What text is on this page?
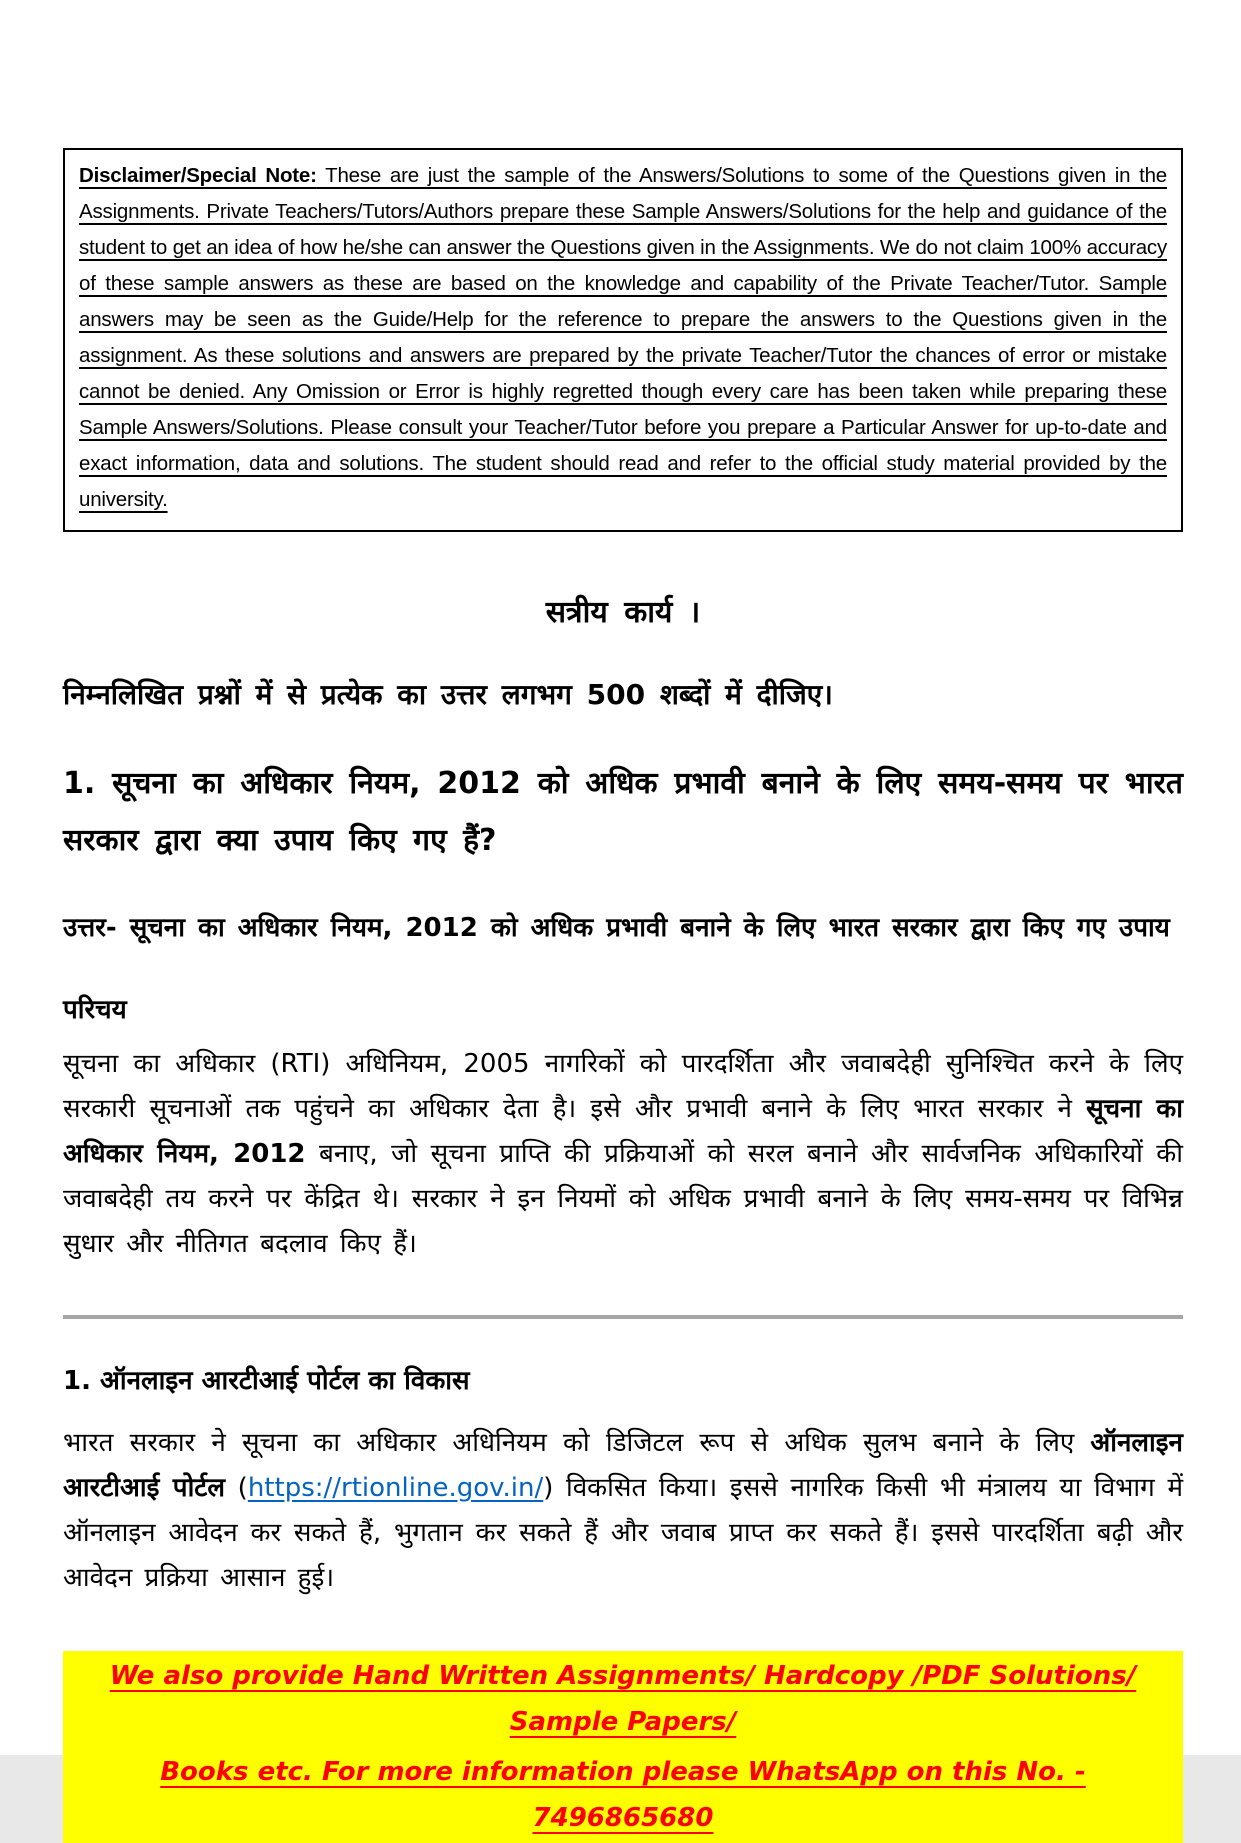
Disclaimer/Special Note: These are just the sample of the Answers/Solutions to some of the Questions given in the Assignments. Private Teachers/Tutors/Authors prepare these Sample Answers/Solutions for the help and guidance of the student to get an idea of how he/she can answer the Questions given in the Assignments. We do not claim 100% accuracy of these sample answers as these are based on the knowledge and capability of the Private Teacher/Tutor. Sample answers may be seen as the Guide/Help for the reference to prepare the answers to the Questions given in the assignment. As these solutions and answers are prepared by the private Teacher/Tutor the chances of error or mistake cannot be denied. Any Omission or Error is highly regretted though every care has been taken while preparing these Sample Answers/Solutions. Please consult your Teacher/Tutor before you prepare a Particular Answer for up-to-date and exact information, data and solutions. The student should read and refer to the official study material provided by the university.

सत्रीय कार्य ।

निम्नलिखित प्रश्नों में से प्रत्येक का उत्तर लगभग 500 शब्दों में दीजिए।

1. सूचना का अधिकार नियम, 2012 को अधिक प्रभावी बनाने के लिए समय-समय पर भारत सरकार द्वारा क्या उपाय किए गए हैं?

उत्तर- सूचना का अधिकार नियम, 2012 को अधिक प्रभावी बनाने के लिए भारत सरकार द्वारा किए गए उपाय

परिचय

सूचना का अधिकार (RTI) अधिनियम, 2005 नागरिकों को पारदर्शिता और जवाबदेही सुनिश्चित करने के लिए सरकारी सूचनाओं तक पहुंचने का अधिकार देता है। इसे और प्रभावी बनाने के लिए भारत सरकार ने सूचना का अधिकार नियम, 2012 बनाए, जो सूचना प्राप्ति की प्रक्रियाओं को सरल बनाने और सार्वजनिक अधिकारियों की जवाबदेही तय करने पर केंद्रित थे। सरकार ने इन नियमों को अधिक प्रभावी बनाने के लिए समय-समय पर विभिन्न सुधार और नीतिगत बदलाव किए हैं।

1. ऑनलाइन आरटीआई पोर्टल का विकास

भारत सरकार ने सूचना का अधिकार अधिनियम को डिजिटल रूप से अधिक सुलभ बनाने के लिए ऑनलाइन आरटीआई पोर्टल (https://rtionline.gov.in/) विकसित किया। इससे नागरिक किसी भी मंत्रालय या विभाग में ऑनलाइन आवेदन कर सकते हैं, भुगतान कर सकते हैं और जवाब प्राप्त कर सकते हैं। इससे पारदर्शिता बढ़ी और आवेदन प्रक्रिया आसान हुई।

We also provide Hand Written Assignments/ Hardcopy /PDF Solutions/ Sample Papers/
Books etc. For more information please WhatsApp on this No. - 7496865680
